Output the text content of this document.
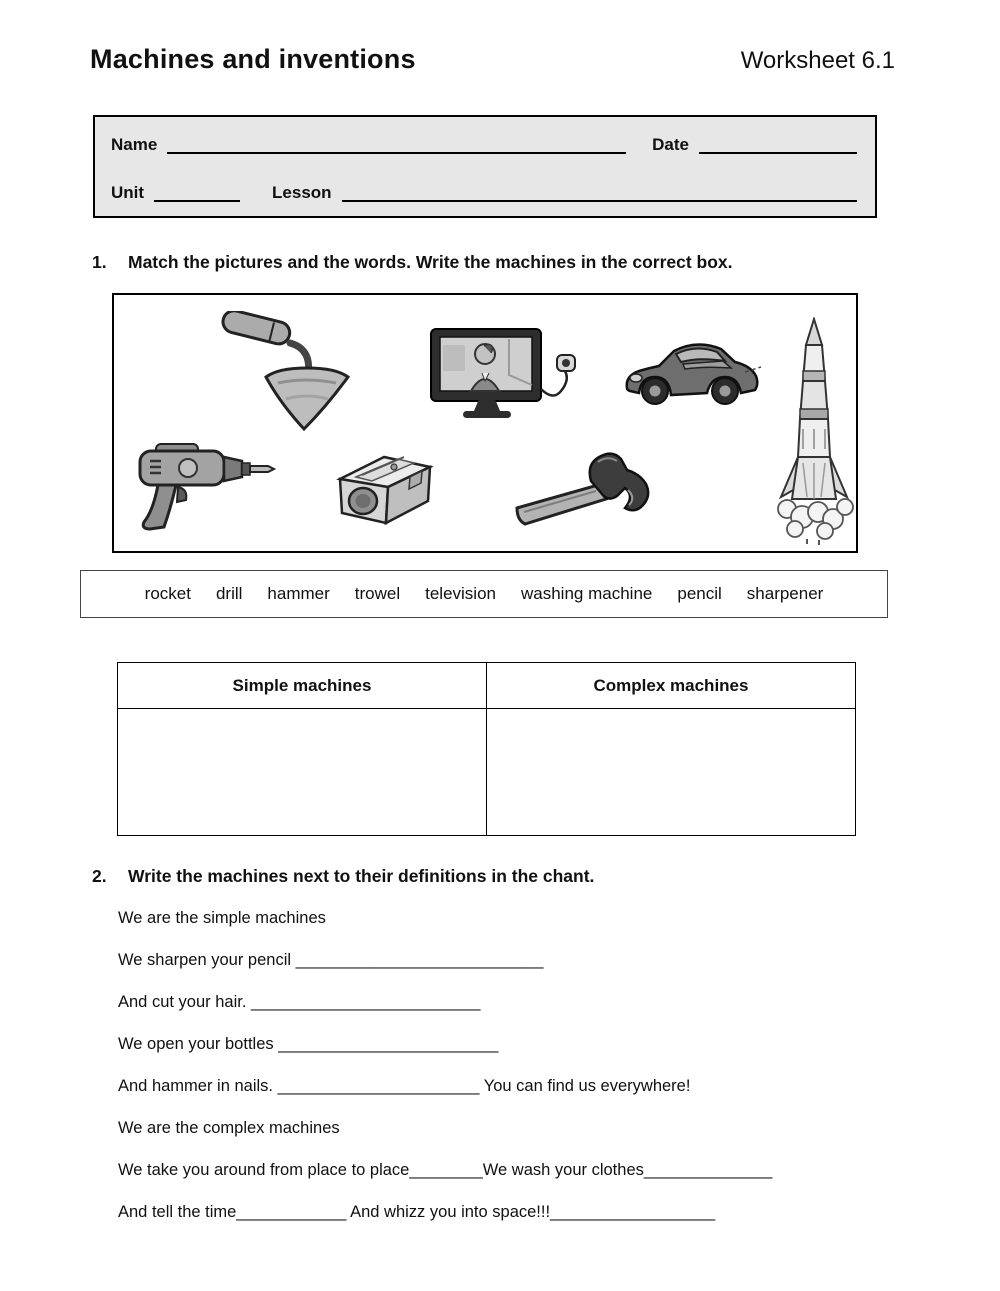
Machines and inventions	Worksheet 6.1
Name	Date
Unit	Lesson
1.	Match the pictures and the words. Write the machines in the correct box.
rocket drill hammer trowel television washing machine pencil sharpener
Simple machines	Complex machines

2.	Write the machines next to their definitions in the chant.

We are the simple machines

We sharpen your pencil ___________________________

And cut your hair. _________________________

We open your bottles ________________________

And hammer in nails. ______________________ You can find us everywhere!

We are the complex machines

We take you around from place to place________We wash your clothes______________

And tell the time____________ And whizz you into space!!!__________________
